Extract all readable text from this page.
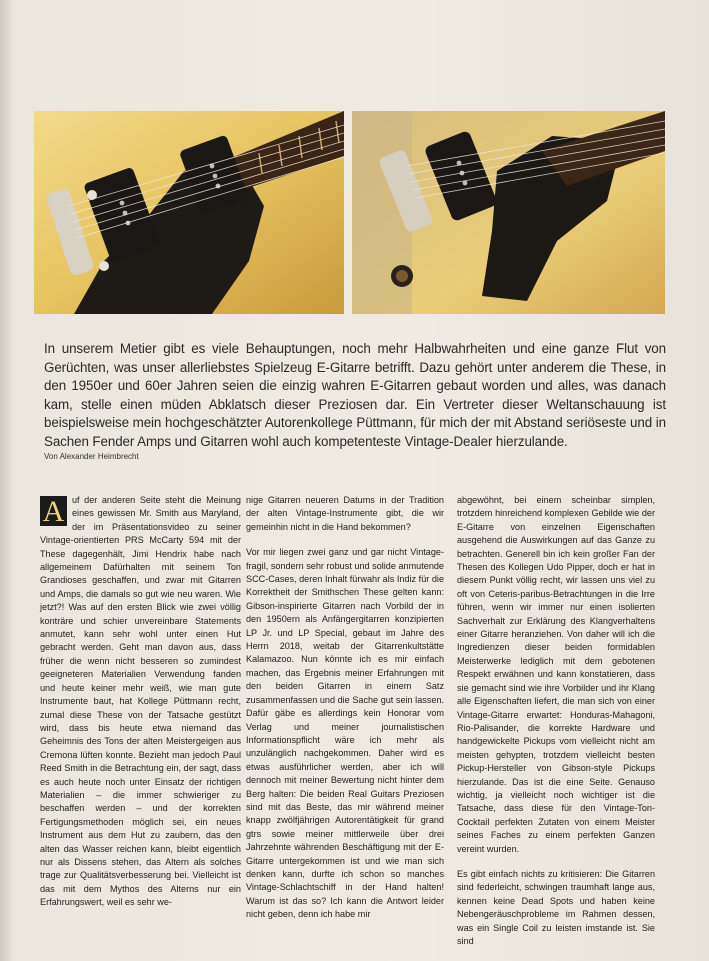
In unserem Metier gibt es viele Behauptungen, noch mehr Halbwahrheiten und eine ganze Flut von Gerüchten, was unser allerliebstes Spielzeug E-Gitarre betrifft. Dazu gehört unter anderem die These, in den 1950er und 60er Jahren seien die einzig wahren E-Gitarren gebaut worden und alles, was danach kam, stelle einen müden Abklatsch dieser Preziosen dar. Ein Vertreter dieser Weltanschauung ist beispielsweise mein hochgeschätzter Autorenkollege Püttmann, für mich der mit Abstand seriöseste und in Sachen Fender Amps und Gitarren wohl auch kompetenteste Vintage-Dealer hierzulande.
Von Alexander Heimbrecht

A uf der anderen Seite steht die Meinung eines gewissen Mr. Smith aus Maryland, der im Präsentationsvideo zu seiner Vintage-orientierten PRS McCarty 594 mit der These dagegenhält, Jimi Hendrix habe nach allgemeinem Dafürhalten mit seinem Ton Grandioses geschaffen, und zwar mit Gitarren und Amps, die damals so gut wie neu waren. Wie jetzt?! Was auf den ersten Blick wie zwei völlig konträre und schier unvereinbare Statements anmutet, kann sehr wohl unter einen Hut gebracht werden. Geht man davon aus, dass früher die wenn nicht besseren so zumindest geeigneteren Materialien Verwendung fanden und heute keiner mehr weiß, wie man gute Instrumente baut, hat Kollege Püttmann recht, zumal diese These von der Tatsache gestützt wird, dass bis heute etwa niemand das Geheimnis des Tons der alten Meistergeigen aus Cremona lüften konnte. Bezieht man jedoch Paul Reed Smith in die Betrachtung ein, der sagt, dass es auch heute noch unter Einsatz der richtigen Materialien – die immer schwieriger zu beschaffen werden – und der korrekten Fertigungsmethoden möglich sei, ein neues Instrument aus dem Hut zu zaubern, das den alten das Wasser reichen kann, bleibt eigentlich nur als Dissens stehen, das Altern als solches trage zur Qualitätsverbesserung bei. Vielleicht ist das mit dem Mythos des Alterns nur ein Erfahrungswert, weil es sehr we-

nige Gitarren neueren Datums in der Tradition der alten Vintage-Instrumente gibt, die wir gemeinhin nicht in die Hand bekommen?

Vor mir liegen zwei ganz und gar nicht Vintage-fragil, sondern sehr robust und solide anmutende SCC-Cases, deren Inhalt fürwahr als Indiz für die Korrektheit der Smithschen These gelten kann: Gibson-inspirierte Gitarren nach Vorbild der in den 1950ern als Anfängergitarren konzipierten LP Jr. und LP Special, gebaut im Jahre des Herrn 2018, weitab der Gitarrenkultstätte Kalamazoo. Nun könnte ich es mir einfach machen, das Ergebnis meiner Erfahrungen mit den beiden Gitarren in einem Satz zusammenfassen und die Sache gut sein lassen. Dafür gäbe es allerdings kein Honorar vom Verlag und meiner journalistischen Informationspflicht wäre ich mehr als unzulänglich nachgekommen. Daher wird es etwas ausführlicher werden, aber ich will dennoch mit meiner Bewertung nicht hinter dem Berg halten: Die beiden Real Guitars Preziosen sind mit das Beste, das mir während meiner knapp zwölfjährigen Autorentätigkeit für grand gtrs sowie meiner mittlerweile über drei Jahrzehnte währenden Beschäftigung mit der E-Gitarre untergekommen ist und wie man sich denken kann, durfte ich schon so manches Vintage-Schlachtschiff in der Hand halten! Warum ist das so? Ich kann die Antwort leider nicht geben, denn ich habe mir

abgewöhnt, bei einem scheinbar simplen, trotzdem hinreichend komplexen Gebilde wie der E-Gitarre von einzelnen Eigenschaften ausgehend die Auswirkungen auf das Ganze zu betrachten. Generell bin ich kein großer Fan der Thesen des Kollegen Udo Pipper, doch er hat in diesem Punkt völlig recht, wir lassen uns viel zu oft von Ceteris-paribus-Betrachtungen in die Irre führen, wenn wir immer nur einen isolierten Sachverhalt zur Erklärung des Klangverhaltens einer Gitarre heranziehen. Von daher will ich die Ingredienzen dieser beiden formidablen Meisterwerke lediglich mit dem gebotenen Respekt erwähnen und kann konstatieren, dass sie gemacht sind wie ihre Vorbilder und ihr Klang alle Eigenschaften liefert, die man sich von einer Vintage-Gitarre erwartet: Honduras-Mahagoni, Rio-Palisander, die korrekte Hardware und handgewickelte Pickups vom vielleicht nicht am meisten gehypten, trotzdem vielleicht besten Pickup-Hersteller von Gibson-style Pickups hierzulande. Das ist die eine Seite. Genauso wichtig, ja vielleicht noch wichtiger ist die Tatsache, dass diese für den Vintage-Ton-Cocktail perfekten Zutaten von einem Meister seines Faches zu einem perfekten Ganzen vereint wurden.

Es gibt einfach nichts zu kritisieren: Die Gitarren sind federleicht, schwingen traumhaft lange aus, kennen keine Dead Spots und haben keine Nebengeräuschprobleme im Rahmen dessen, was ein Single Coil zu leisten imstande ist. Sie sind
